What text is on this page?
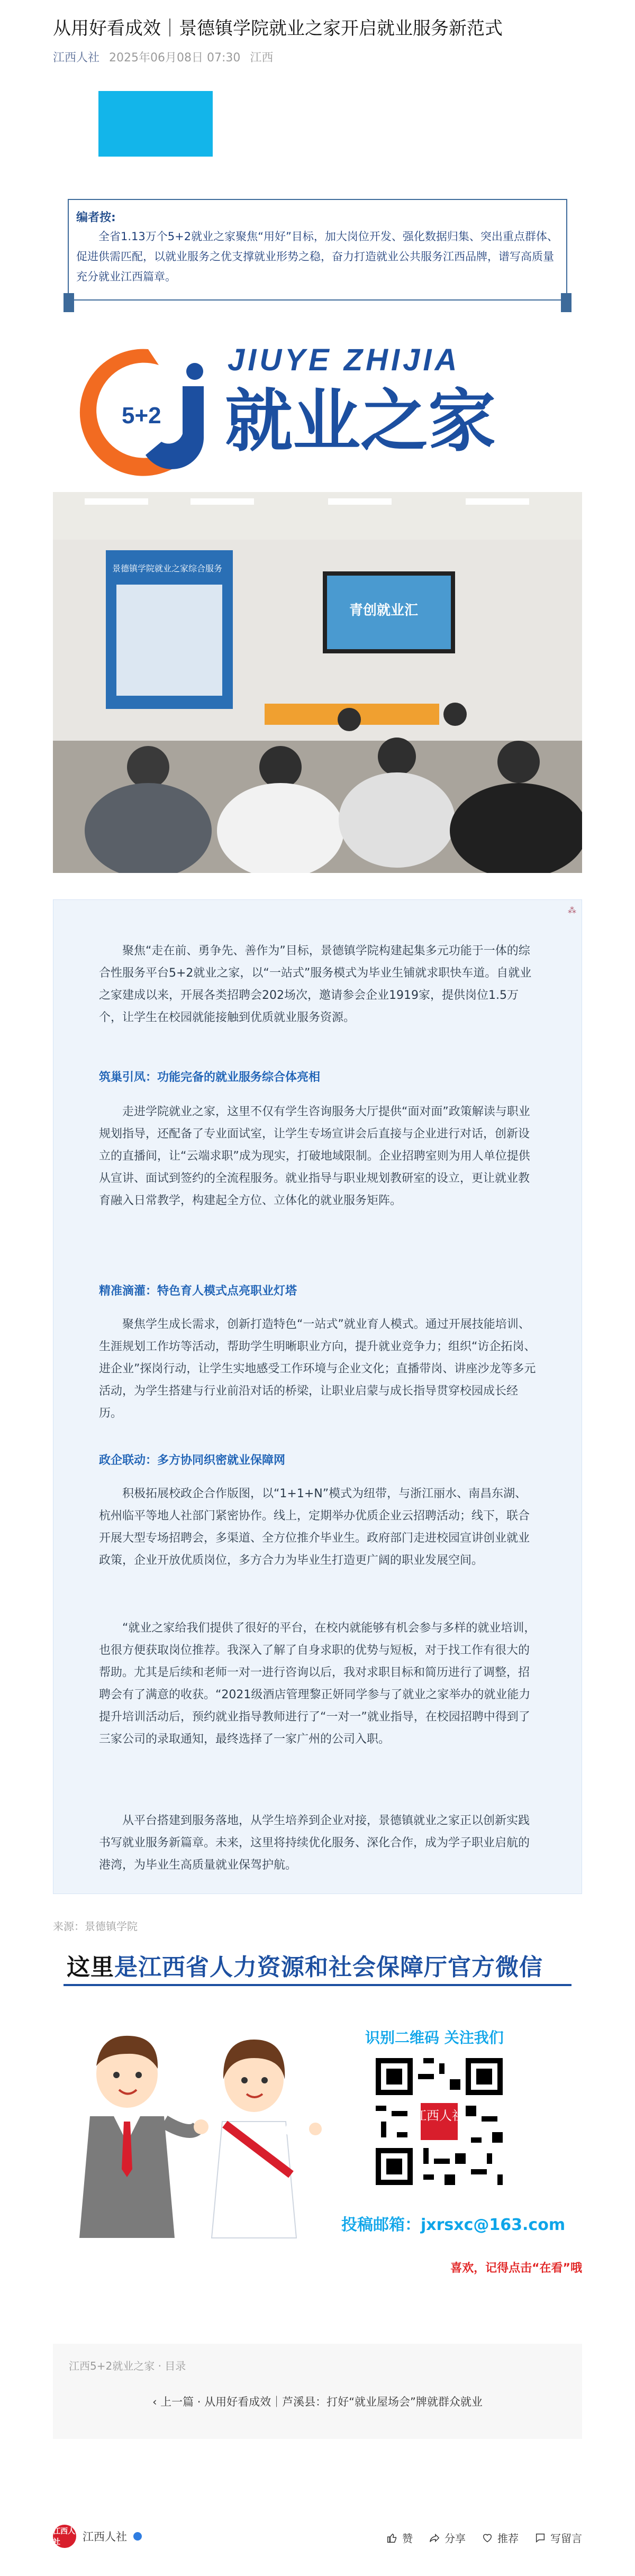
从用好看成效｜景德镇学院就业之家开启就业服务新范式
江西人社 2025年06月08日 07:30 江西
编者按:
全省1.13万个5+2就业之家聚焦“用好”目标，加大岗位开发、强化数据归集、突出重点群体、促进供需匹配，以就业服务之优支撑就业形势之稳，奋力打造就业公共服务江西品牌，谱写高质量充分就业江西篇章。
5+2
JIUYE ZHIJIA
就业之家
景德镇学院就业之家综合服务
青创就业汇
⁂

聚焦“走在前、勇争先、善作为”目标，景德镇学院构建起集多元功能于一体的综合性服务平台5+2就业之家，以“一站式”服务模式为毕业生铺就求职快车道。自就业之家建成以来，开展各类招聘会202场次，邀请参会企业1919家，提供岗位1.5万个，让学生在校园就能接触到优质就业服务资源。

筑巢引凤：功能完备的就业服务综合体亮相

走进学院就业之家，这里不仅有学生咨询服务大厅提供“面对面”政策解读与职业规划指导，还配备了专业面试室，让学生专场宣讲会后直接与企业进行对话，创新设立的直播间，让“云端求职”成为现实，打破地域限制。企业招聘室则为用人单位提供从宣讲、面试到签约的全流程服务。就业指导与职业规划教研室的设立，更让就业教育融入日常教学，构建起全方位、立体化的就业服务矩阵。

精准滴灌：特色育人模式点亮职业灯塔

聚焦学生成长需求，创新打造特色“一站式”就业育人模式。通过开展技能培训、生涯规划工作坊等活动，帮助学生明晰职业方向，提升就业竞争力；组织“访企拓岗、进企业”探岗行动，让学生实地感受工作环境与企业文化；直播带岗、讲座沙龙等多元活动，为学生搭建与行业前沿对话的桥梁，让职业启蒙与成长指导贯穿校园成长经历。

政企联动：多方协同织密就业保障网

积极拓展校政企合作版图，以“1+1+N”模式为纽带，与浙江丽水、南昌东湖、杭州临平等地人社部门紧密协作。线上，定期举办优质企业云招聘活动；线下，联合开展大型专场招聘会，多渠道、全方位推介毕业生。政府部门走进校园宣讲创业就业政策，企业开放优质岗位，多方合力为毕业生打造更广阔的职业发展空间。

“就业之家给我们提供了很好的平台，在校内就能够有机会参与多样的就业培训，也很方便获取岗位推荐。我深入了解了自身求职的优势与短板，对于找工作有很大的帮助。尤其是后续和老师一对一进行咨询以后，我对求职目标和简历进行了调整，招聘会有了满意的收获。“2021级酒店管理黎正妍同学参与了就业之家举办的就业能力提升培训活动后，预约就业指导教师进行了“一对一”就业指导，在校园招聘中得到了三家公司的录取通知，最终选择了一家广州的公司入职。

从平台搭建到服务落地，从学生培养到企业对接，景德镇就业之家正以创新实践书写就业服务新篇章。未来，这里将持续优化服务、深化合作，成为学子职业启航的港湾，为毕业生高质量就业保驾护航。

来源：景德镇学院
这里是江西省人力资源和社会保障厅官方微信
识别二维码 关注我们
江西人社
投稿邮箱：jxrsxc@163.com
喜欢，记得点击“在看”哦
江西5+2就业之家 · 目录
‹ 上一篇 · 从用好看成效｜芦溪县：打好“就业屋场会”牌就群众就业
江西人社	江西人社	赞	分享	推荐	写留言
